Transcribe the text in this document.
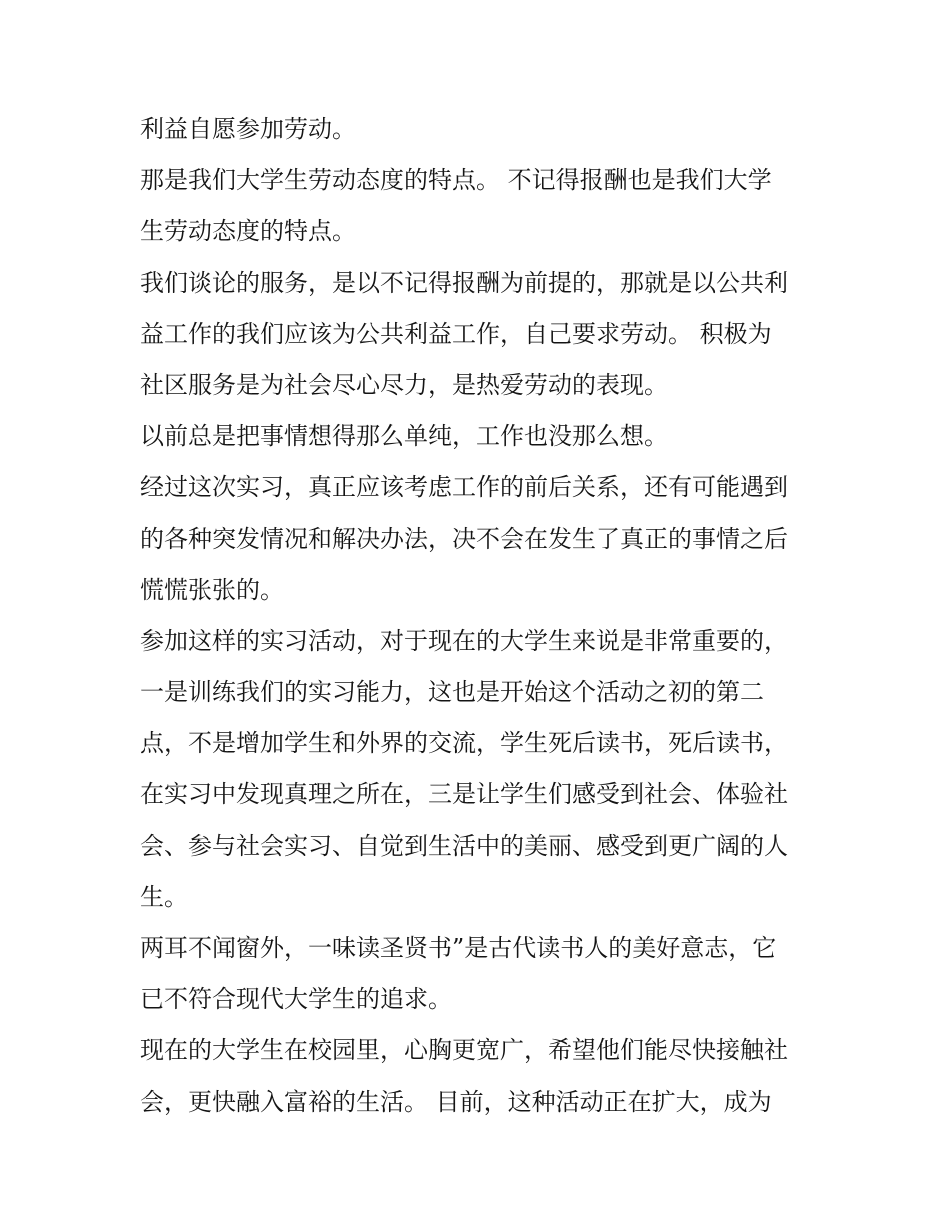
利益自愿参加劳动。
那是我们大学生劳动态度的特点。 不记得报酬也是我们大学
生劳动态度的特点。
我们谈论的服务，是以不记得报酬为前提的，那就是以公共利
益工作的我们应该为公共利益工作，自己要求劳动。 积极为
社区服务是为社会尽心尽力，是热爱劳动的表现。
以前总是把事情想得那么单纯，工作也没那么想。
经过这次实习，真正应该考虑工作的前后关系，还有可能遇到
的各种突发情况和解决办法，决不会在发生了真正的事情之后
慌慌张张的。
参加这样的实习活动，对于现在的大学生来说是非常重要的，
一是训练我们的实习能力，这也是开始这个活动之初的第二
点，不是增加学生和外界的交流，学生死后读书，死后读书，
在实习中发现真理之所在，三是让学生们感受到社会、体验社
会、参与社会实习、自觉到生活中的美丽、感受到更广阔的人
生。
两耳不闻窗外，一味读圣贤书”是古代读书人的美好意志，它
已不符合现代大学生的追求。
现在的大学生在校园里，心胸更宽广，希望他们能尽快接触社
会，更快融入富裕的生活。 目前，这种活动正在扩大，成为
